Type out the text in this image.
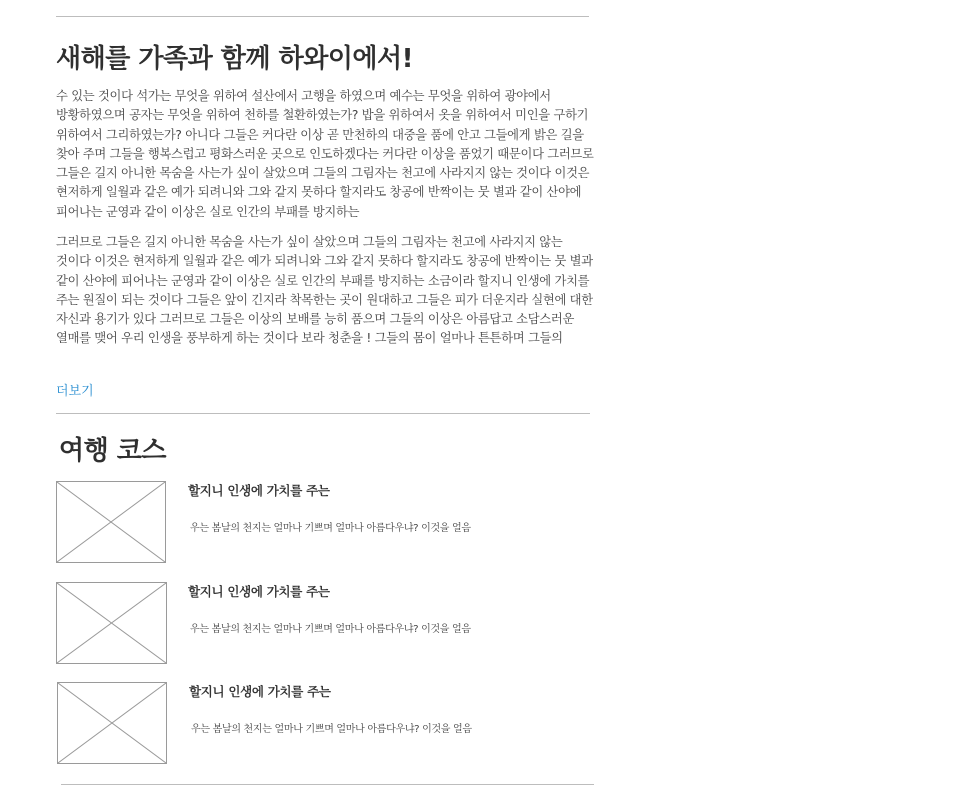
새해를 가족과 함께 하와이에서!

수 있는 것이다 석가는 무엇을 위하여 설산에서 고행을 하였으며 예수는 무엇을 위하여 광야에서 방황하였으며 공자는 무엇을 위하여 천하를 철환하였는가? 밥을 위하여서 옷을 위하여서 미인을 구하기 위하여서 그리하였는가? 아니다 그들은 커다란 이상 곧 만천하의 대중을 품에 안고 그들에게 밝은 길을 찾아 주며 그들을 행복스럽고 평화스러운 곳으로 인도하겠다는 커다란 이상을 품었기 때문이다 그러므로 그들은 길지 아니한 목숨을 사는가 싶이 살았으며 그들의 그림자는 천고에 사라지지 않는 것이다 이것은 현저하게 일월과 같은 예가 되려니와 그와 같지 못하다 할지라도 창공에 반짝이는 뭇 별과 같이 산야에 피어나는 군영과 같이 이상은 실로 인간의 부패를 방지하는

그러므로 그들은 길지 아니한 목숨을 사는가 싶이 살았으며 그들의 그림자는 천고에 사라지지 않는 것이다 이것은 현저하게 일월과 같은 예가 되려니와 그와 같지 못하다 할지라도 창공에 반짝이는 뭇 별과 같이 산야에 피어나는 군영과 같이 이상은 실로 인간의 부패를 방지하는 소금이라 할지니 인생에 가치를 주는 원질이 되는 것이다 그들은 앞이 긴지라 착목한는 곳이 원대하고 그들은 피가 더운지라 실현에 대한 자신과 용기가 있다 그러므로 그들은 이상의 보배를 능히 품으며 그들의 이상은 아름답고 소담스러운 열매를 맺어 우리 인생을 풍부하게 하는 것이다 보라 청춘을 ! 그들의 몸이 얼마나 튼튼하며 그들의

더보기
여행 코스
할지니 인생에 가치를 주는
우는 봄날의 천지는 얼마나 기쁘며 얼마나 아름다우냐? 이것을 얼음
할지니 인생에 가치를 주는
우는 봄날의 천지는 얼마나 기쁘며 얼마나 아름다우냐? 이것을 얼음
할지니 인생에 가치를 주는
우는 봄날의 천지는 얼마나 기쁘며 얼마나 아름다우냐? 이것을 얼음
